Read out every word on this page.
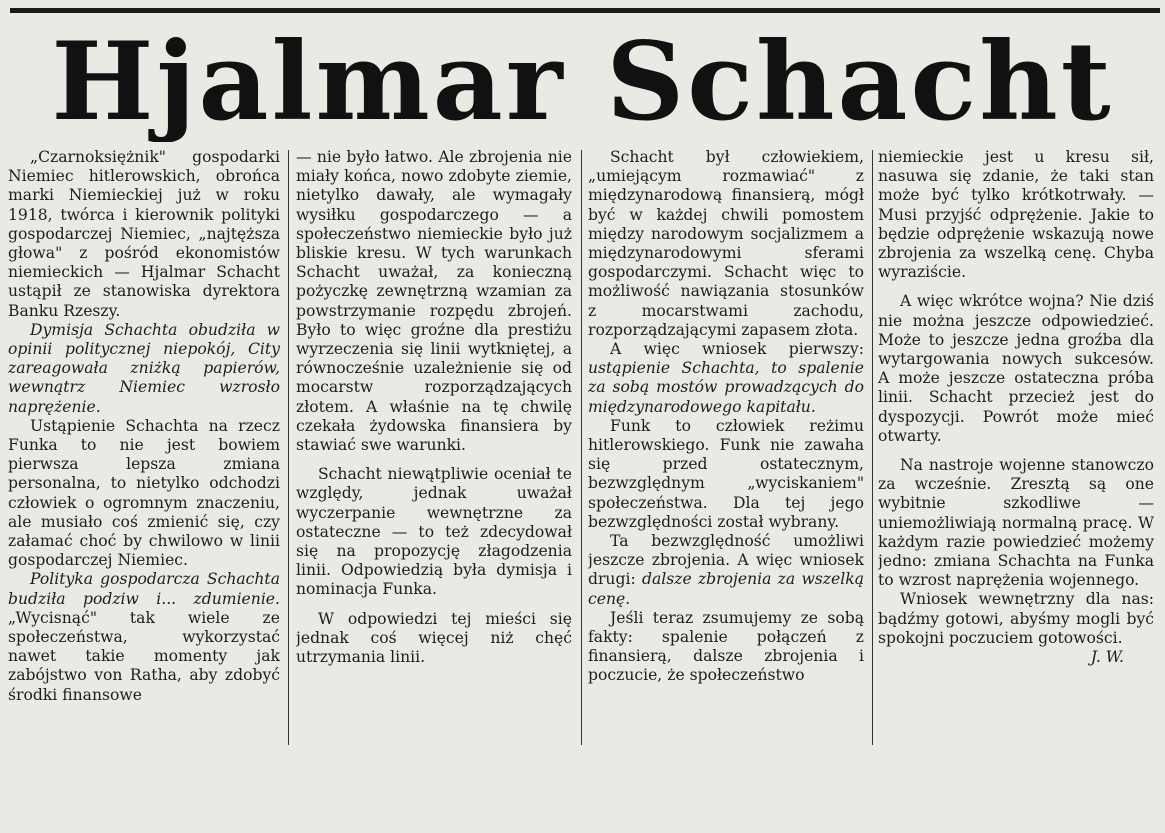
Hjalmar Schacht

„Czarnoksiężnik" gospodarki Niemiec hitlerowskich, obrońca marki Niemieckiej już w roku 1918, twórca i kierownik polityki gospodarczej Niemiec, „najtęższa głowa" z pośród ekonomistów niemieckich — Hjalmar Schacht ustąpił ze stanowiska dyrektora Banku Rzeszy.

Dymisja Schachta obudziła w opinii politycznej niepokój, City zareagowała zniżką papierów, wewnątrz Niemiec wzrosło naprężenie.

Ustąpienie Schachta na rzecz Funka to nie jest bowiem pierwsza lepsza zmiana personalna, to nietylko odchodzi człowiek o ogromnym znaczeniu, ale musiało coś zmienić się, czy załamać choć by chwilowo w linii gospodarczej Niemiec.

Polityka gospodarcza Schachta budziła podziw i... zdumienie. „Wycisnąć" tak wiele ze społeczeństwa, wykorzystać nawet takie momenty jak zabójstwo von Ratha, aby zdobyć środki finansowe

— nie było łatwo. Ale zbrojenia nie miały końca, nowo zdobyte ziemie, nietylko dawały, ale wymagały wysiłku gospodarczego — a społeczeństwo niemieckie było już bliskie kresu. W tych warunkach Schacht uważał, za konieczną pożyczkę zewnętrzną wzamian za powstrzymanie rozpędu zbrojeń. Było to więc groźne dla prestiżu wyrzeczenia się linii wytkniętej, a równocześnie uzależnienie się od mocarstw rozporządzających złotem. A właśnie na tę chwilę czekała żydowska finansiera by stawiać swe warunki.

Schacht niewątpliwie oceniał te względy, jednak uważał wyczerpanie wewnętrzne za ostateczne — to też zdecydował się na propozycję złagodzenia linii. Odpowiedzią była dymisja i nominacja Funka.

W odpowiedzi tej mieści się jednak coś więcej niż chęć utrzymania linii.

Schacht był człowiekiem, „umiejącym rozmawiać" z międzynarodową finansierą, mógł być w każdej chwili pomostem między narodowym socjalizmem a międzynarodowymi sferami gospodarczymi. Schacht więc to możliwość nawiązania stosunków z mocarstwami zachodu, rozporządzającymi zapasem złota.

A więc wniosek pierwszy: ustąpienie Schachta, to spalenie za sobą mostów prowadzących do międzynarodowego kapitału.

Funk to człowiek reżimu hitlerowskiego. Funk nie zawaha się przed ostatecznym, bezwzględnym „wyciskaniem" społeczeństwa. Dla tej jego bezwzględności został wybrany.

Ta bezwzględność umożliwi jeszcze zbrojenia. A więc wniosek drugi: dalsze zbrojenia za wszelką cenę.

Jeśli teraz zsumujemy ze sobą fakty: spalenie połączeń z finansierą, dalsze zbrojenia i poczucie, że społeczeństwo

niemieckie jest u kresu sił, nasuwa się zdanie, że taki stan może być tylko krótkotrwały. — Musi przyjść odprężenie. Jakie to będzie odprężenie wskazują nowe zbrojenia za wszelką cenę. Chyba wyraziście.

A więc wkrótce wojna? Nie dziś nie można jeszcze odpowiedzieć. Może to jeszcze jedna groźba dla wytargowania nowych sukcesów. A może jeszcze ostateczna próba linii. Schacht przecież jest do dyspozycji. Powrót może mieć otwarty.

Na nastroje wojenne stanowczo za wcześnie. Zresztą są one wybitnie szkodliwe — uniemożliwiają normalną pracę. W każdym razie powiedzieć możemy jedno: zmiana Schachta na Funka to wzrost naprężenia wojennego.

Wniosek wewnętrzny dla nas: bądźmy gotowi, abyśmy mogli być spokojni poczuciem gotowości.

J. W.
